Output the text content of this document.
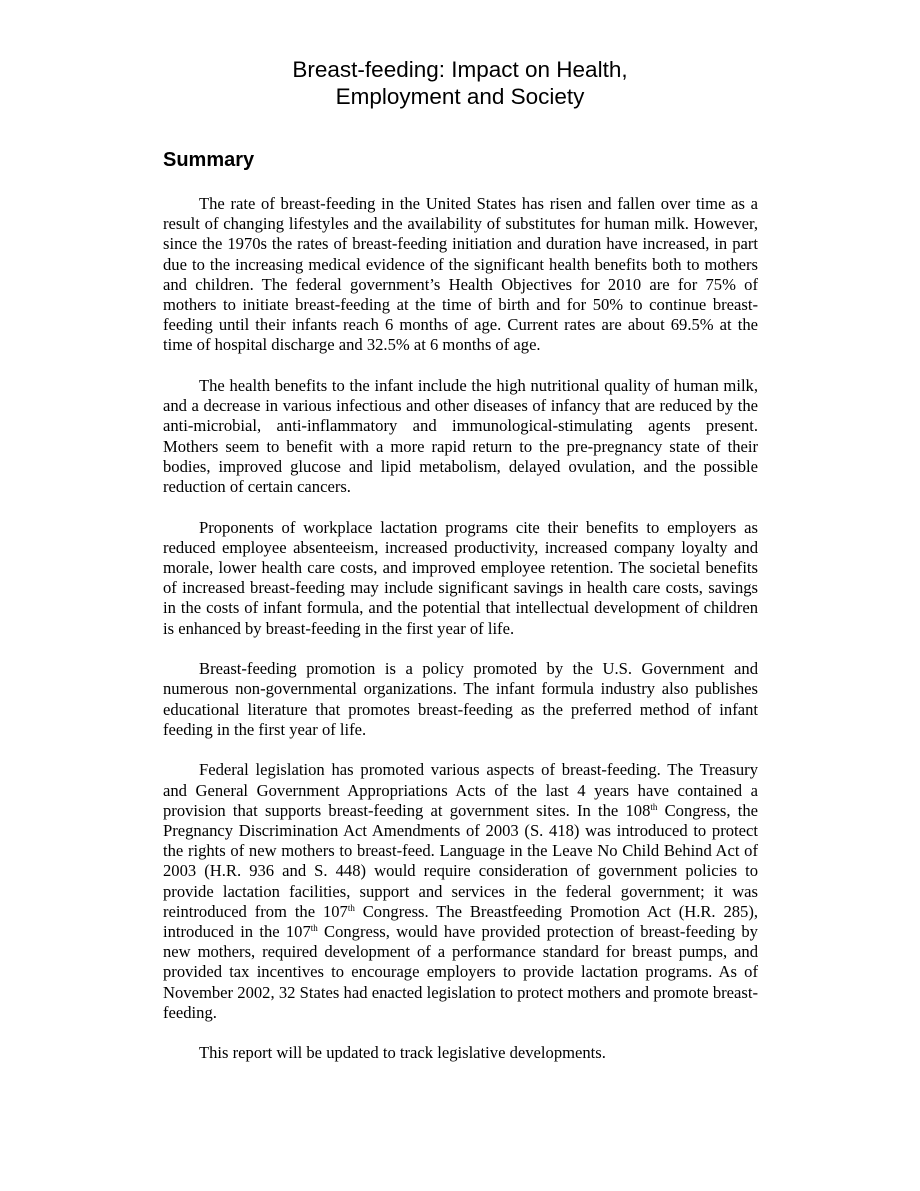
Breast-feeding: Impact on Health,
Employment and Society
Summary

The rate of breast-feeding in the United States has risen and fallen over time as a result of changing lifestyles and the availability of substitutes for human milk. However, since the 1970s the rates of breast-feeding initiation and duration have increased, in part due to the increasing medical evidence of the significant health benefits both to mothers and children. The federal government’s Health Objectives for 2010 are for 75% of mothers to initiate breast-feeding at the time of birth and for 50% to continue breast-feeding until their infants reach 6 months of age. Current rates are about 69.5% at the time of hospital discharge and 32.5% at 6 months of age.

The health benefits to the infant include the high nutritional quality of human milk, and a decrease in various infectious and other diseases of infancy that are reduced by the anti-microbial, anti-inflammatory and immunological-stimulating agents present. Mothers seem to benefit with a more rapid return to the pre-pregnancy state of their bodies, improved glucose and lipid metabolism, delayed ovulation, and the possible reduction of certain cancers.

Proponents of workplace lactation programs cite their benefits to employers as reduced employee absenteeism, increased productivity, increased company loyalty and morale, lower health care costs, and improved employee retention. The societal benefits of increased breast-feeding may include significant savings in health care costs, savings in the costs of infant formula, and the potential that intellectual development of children is enhanced by breast-feeding in the first year of life.

Breast-feeding promotion is a policy promoted by the U.S. Government and numerous non-governmental organizations. The infant formula industry also publishes educational literature that promotes breast-feeding as the preferred method of infant feeding in the first year of life.

Federal legislation has promoted various aspects of breast-feeding. The Treasury and General Government Appropriations Acts of the last 4 years have contained a provision that supports breast-feeding at government sites. In the 108th Congress, the Pregnancy Discrimination Act Amendments of 2003 (S. 418) was introduced to protect the rights of new mothers to breast-feed. Language in the Leave No Child Behind Act of 2003 (H.R. 936 and S. 448) would require consideration of government policies to provide lactation facilities, support and services in the federal government; it was reintroduced from the 107th Congress. The Breastfeeding Promotion Act (H.R. 285), introduced in the 107th Congress, would have provided protection of breast-feeding by new mothers, required development of a performance standard for breast pumps, and provided tax incentives to encourage employers to provide lactation programs. As of November 2002, 32 States had enacted legislation to protect mothers and promote breast-feeding.

This report will be updated to track legislative developments.
